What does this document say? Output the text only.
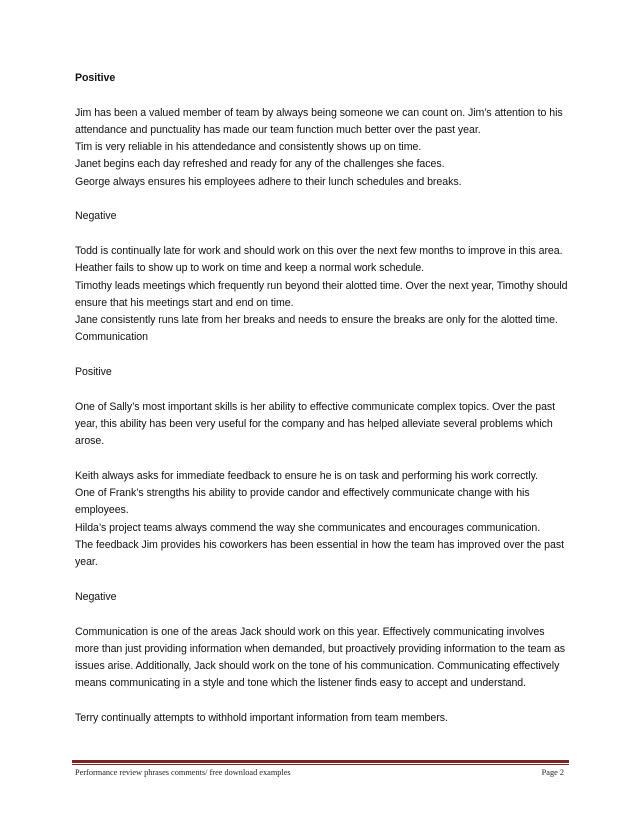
Positive

Jim has been a valued member of team by always being someone we can count on. Jim’s attention to his attendance and punctuality has made our team function much better over the past year.

Tim is very reliable in his attendedance and consistently shows up on time.

Janet begins each day refreshed and ready for any of the challenges she faces.

George always ensures his employees adhere to their lunch schedules and breaks.

Negative

Todd is continually late for work and should work on this over the next few months to improve in this area.

Heather fails to show up to work on time and keep a normal work schedule.

Timothy leads meetings which frequently run beyond their alotted time. Over the next year, Timothy should ensure that his meetings start and end on time.

Jane consistently runs late from her breaks and needs to ensure the breaks are only for the alotted time.

Communication

Positive

One of Sally’s most important skills is her ability to effective communicate complex topics. Over the past year, this ability has been very useful for the company and has helped alleviate several problems which arose.

Keith always asks for immediate feedback to ensure he is on task and performing his work correctly.

One of Frank’s strengths his ability to provide candor and effectively communicate change with his employees.

Hilda’s project teams always commend the way she communicates and encourages communication.

The feedback Jim provides his coworkers has been essential in how the team has improved over the past year.

Negative

Communication is one of the areas Jack should work on this year. Effectively communicating involves more than just providing information when demanded, but proactively providing information to the team as issues arise. Additionally, Jack should work on the tone of his communication. Communicating effectively means communicating in a style and tone which the listener finds easy to accept and understand.

Terry continually attempts to withhold important information from team members.

Performance review phrases comments/ free download examples	Page 2
